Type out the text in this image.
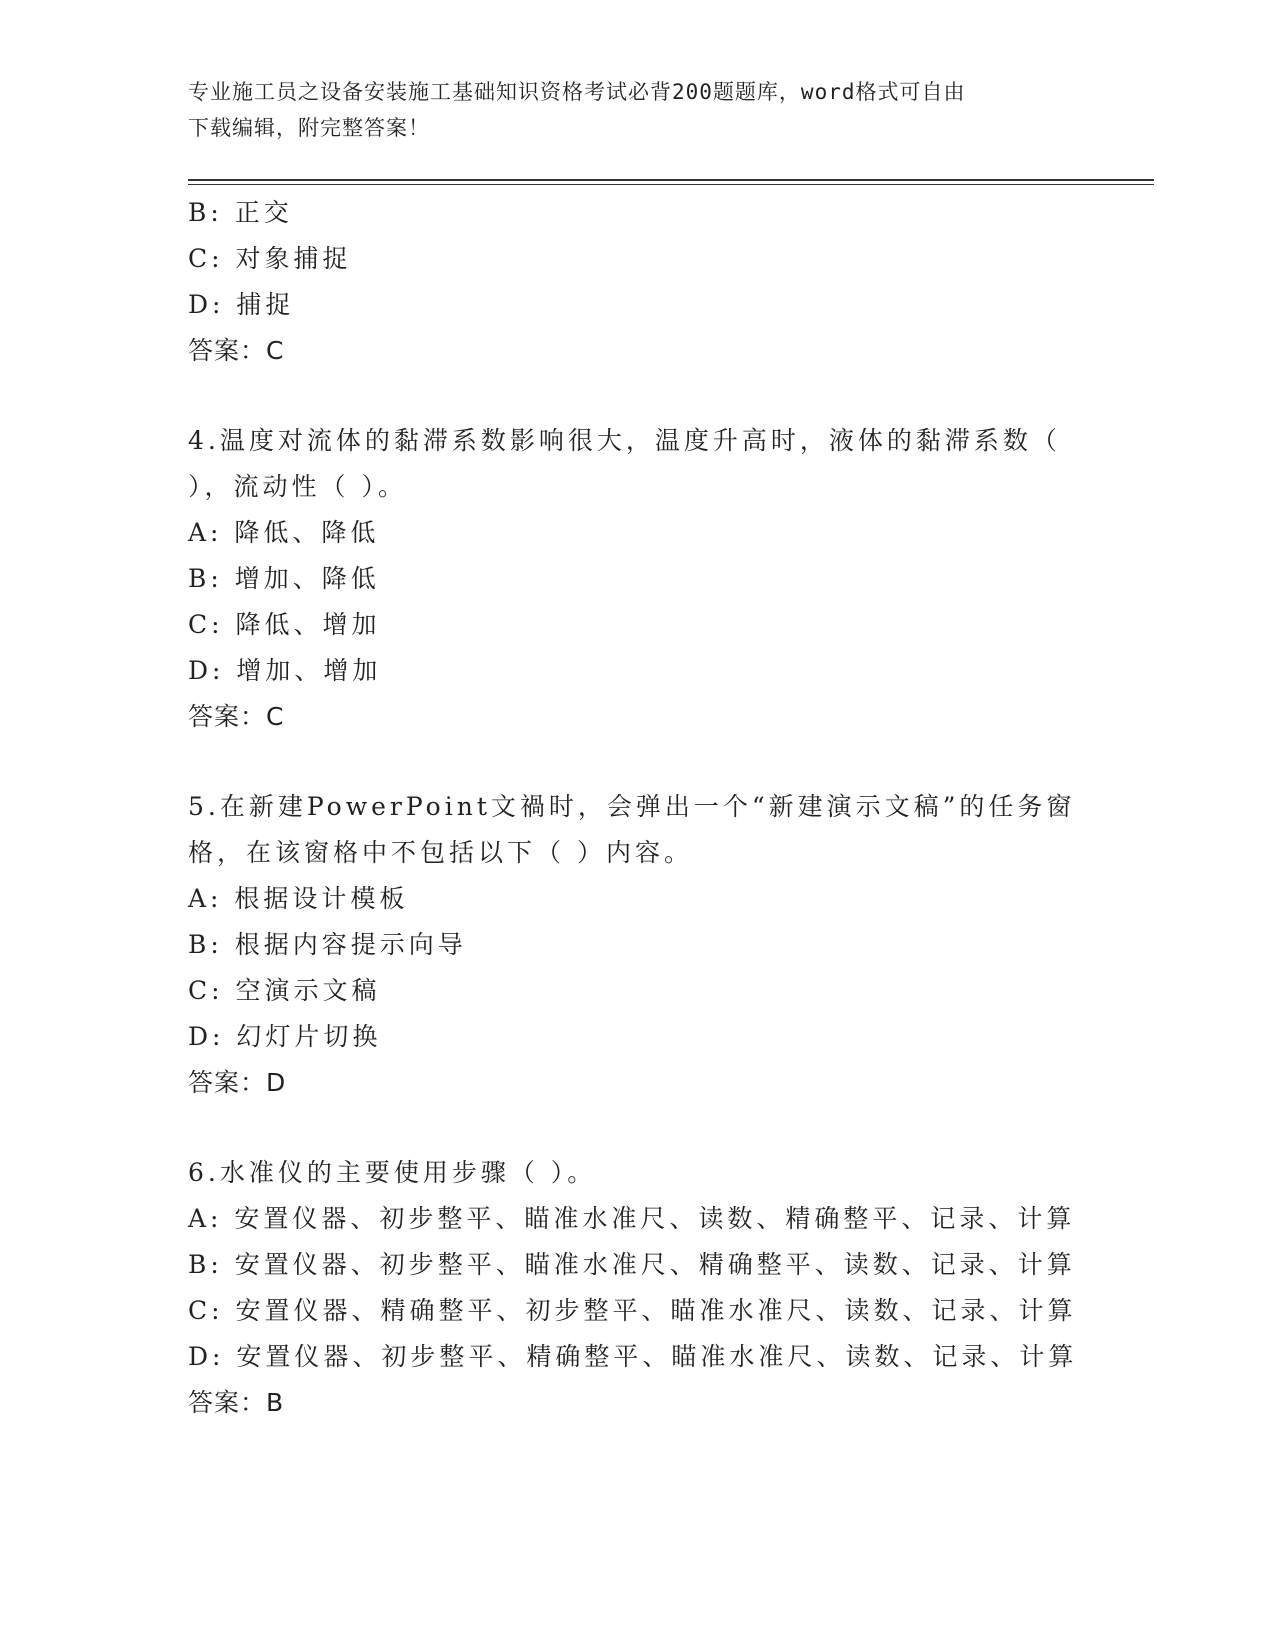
专业施工员之设备安装施工基础知识资格考试必背200题题库，word格式可自由
下载编辑，附完整答案！
B: 正交
C: 对象捕捉
D: 捕捉
答案：C
4.温度对流体的黏滞系数影响很大，温度升高时，液体的黏滞系数（
），流动性（ ）。
A: 降低、降低
B: 增加、降低
C: 降低、增加
D: 增加、增加
答案：C
5.在新建PowerPoint文禍时，会弹出一个“新建演示文稿”的任务窗
格，在该窗格中不包括以下（ ）内容。
A: 根据设计模板
B: 根据内容提示向导
C: 空演示文稿
D: 幻灯片切换
答案：D
6.水准仪的主要使用步骤（ ）。
A: 安置仪器、初步整平、瞄准水准尺、读数、精确整平、记录、计算
B: 安置仪器、初步整平、瞄准水准尺、精确整平、读数、记录、计算
C: 安置仪器、精确整平、初步整平、瞄准水准尺、读数、记录、计算
D: 安置仪器、初步整平、精确整平、瞄准水准尺、读数、记录、计算
答案：B
